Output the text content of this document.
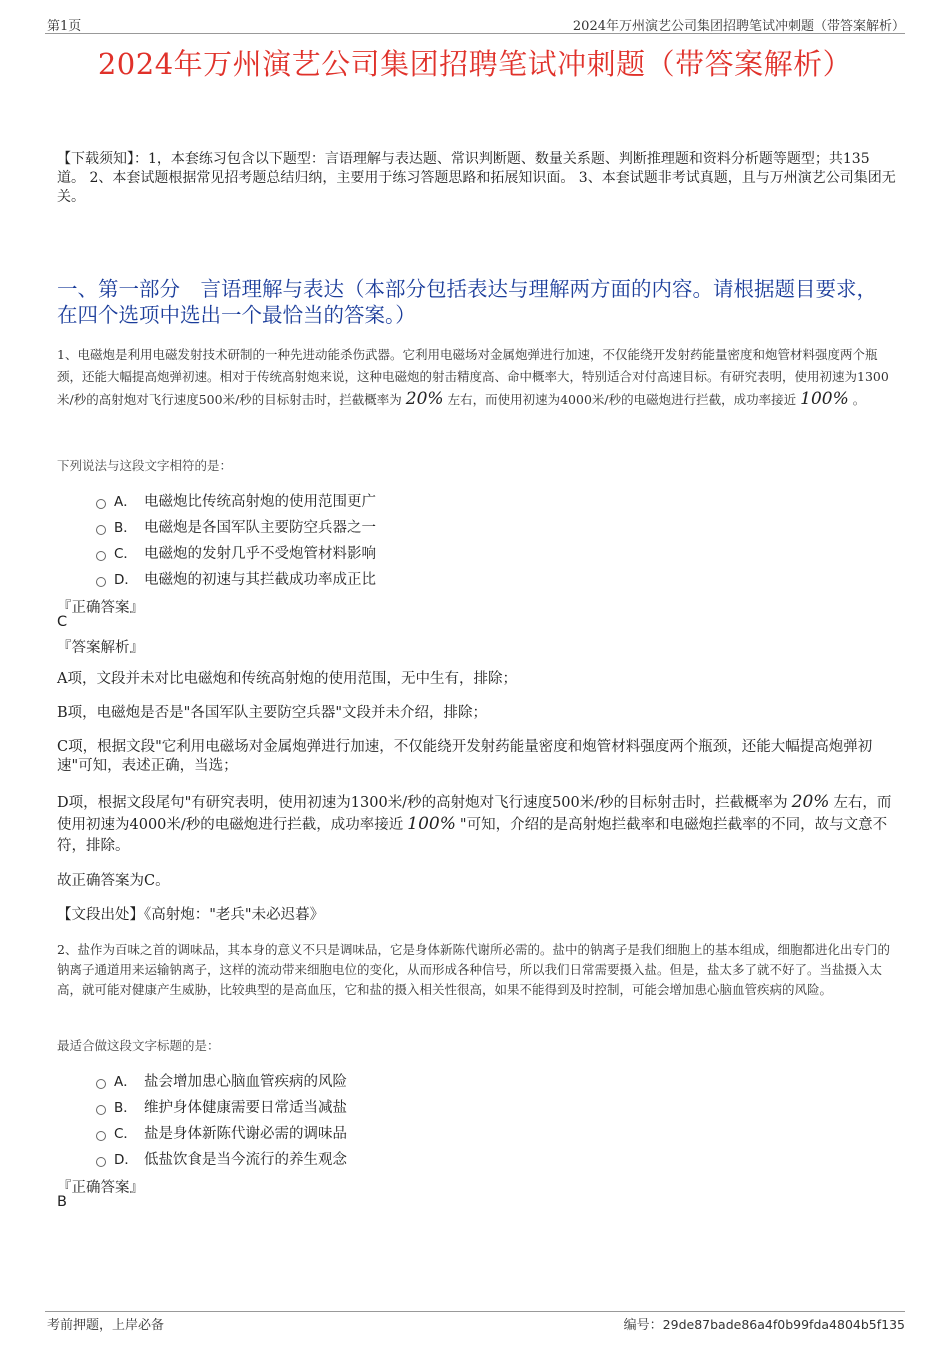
第1页	2024年万州演艺公司集团招聘笔试冲刺题（带答案解析）
2024年万州演艺公司集团招聘笔试冲刺题（带答案解析）
【下载须知】：1，本套练习包含以下题型：言语理解与表达题、常识判断题、数量关系题、判断推理题和资料分析题等题型；共135道。 2、本套试题根据常见招考题总结归纳，主要用于练习答题思路和拓展知识面。 3、本套试题非考试真题，且与万州演艺公司集团无关。
一、第一部分　言语理解与表达（本部分包括表达与理解两方面的内容。请根据题目要求，在四个选项中选出一个最恰当的答案。）
1、电磁炮是利用电磁发射技术研制的一种先进动能杀伤武器。它利用电磁场对金属炮弹进行加速，不仅能绕开发射药能量密度和炮管材料强度两个瓶颈，还能大幅提高炮弹初速。相对于传统高射炮来说，这种电磁炮的射击精度高、命中概率大，特别适合对付高速目标。有研究表明，使用初速为1300米/秒的高射炮对飞行速度500米/秒的目标射击时，拦截概率为 20% 左右，而使用初速为4000米/秒的电磁炮进行拦截，成功率接近 100% 。
下列说法与这段文字相符的是：
A． 电磁炮比传统高射炮的使用范围更广
B． 电磁炮是各国军队主要防空兵器之一
C． 电磁炮的发射几乎不受炮管材料影响
D． 电磁炮的初速与其拦截成功率成正比
『正确答案』
C
『答案解析』
A项，文段并未对比电磁炮和传统高射炮的使用范围，无中生有，排除；
B项，电磁炮是否是"各国军队主要防空兵器"文段并未介绍，排除；
C项，根据文段"它利用电磁场对金属炮弹进行加速，不仅能绕开发射药能量密度和炮管材料强度两个瓶颈，还能大幅提高炮弹初速"可知，表述正确，当选；
D项，根据文段尾句"有研究表明，使用初速为1300米/秒的高射炮对飞行速度500米/秒的目标射击时，拦截概率为 20% 左右，而使用初速为4000米/秒的电磁炮进行拦截，成功率接近 100% "可知，介绍的是高射炮拦截率和电磁炮拦截率的不同，故与文意不符，排除。
故正确答案为C。
【文段出处】《高射炮："老兵"未必迟暮》
2、盐作为百味之首的调味品，其本身的意义不只是调味品，它是身体新陈代谢所必需的。盐中的钠离子是我们细胞上的基本组成，细胞都进化出专门的钠离子通道用来运输钠离子，这样的流动带来细胞电位的变化，从而形成各种信号，所以我们日常需要摄入盐。但是，盐太多了就不好了。当盐摄入太高，就可能对健康产生威胁，比较典型的是高血压，它和盐的摄入相关性很高，如果不能得到及时控制，可能会增加患心脑血管疾病的风险。
最适合做这段文字标题的是：
A． 盐会增加患心脑血管疾病的风险
B． 维护身体健康需要日常适当减盐
C． 盐是身体新陈代谢必需的调味品
D． 低盐饮食是当今流行的养生观念
『正确答案』
B
考前押题，上岸必备	编号：29de87bade86a4f0b99fda4804b5f135
